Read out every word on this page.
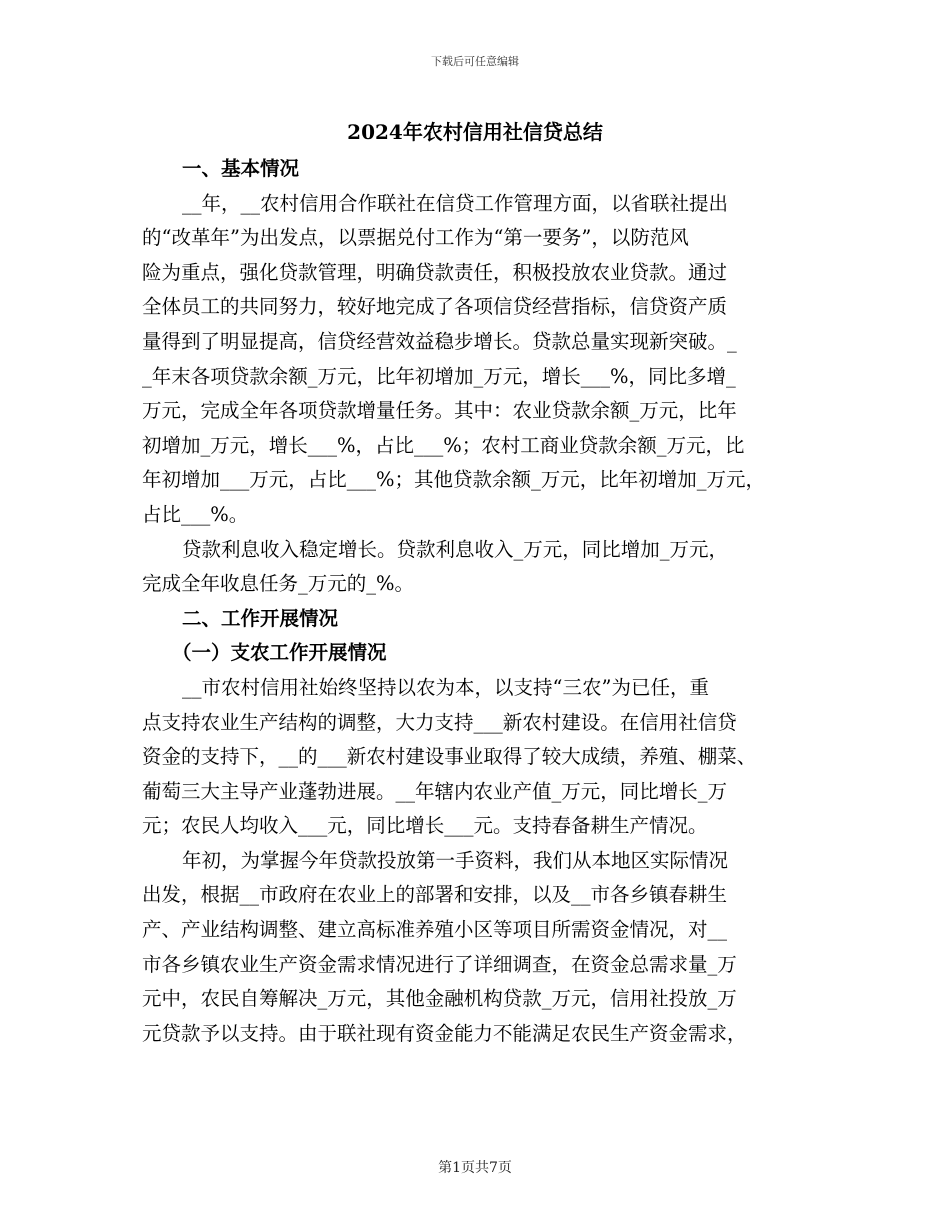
下载后可任意编辑
2024年农村信用社信贷总结
一、基本情况
__年，__农村信用合作联社在信贷工作管理方面，以省联社提出
的“改革年”为出发点，以票据兑付工作为“第一要务”，以防范风
险为重点，强化贷款管理，明确贷款责任，积极投放农业贷款。通过
全体员工的共同努力，较好地完成了各项信贷经营指标，信贷资产质
量得到了明显提高，信贷经营效益稳步增长。贷款总量实现新突破。_
_年末各项贷款余额_万元，比年初增加_万元，增长___%，同比多增_
万元，完成全年各项贷款增量任务。其中：农业贷款余额_万元，比年
初增加_万元，增长___%，占比___%；农村工商业贷款余额_万元，比
年初增加___万元，占比___%；其他贷款余额_万元，比年初增加_万元，
占比___%。
贷款利息收入稳定增长。贷款利息收入_万元，同比增加_万元，
完成全年收息任务_万元的_%。
二、工作开展情况
（一）支农工作开展情况
__市农村信用社始终坚持以农为本，以支持“三农”为已任，重
点支持农业生产结构的调整，大力支持___新农村建设。在信用社信贷
资金的支持下，__的___新农村建设事业取得了较大成绩，养殖、棚菜、
葡萄三大主导产业蓬勃进展。__年辖内农业产值_万元，同比增长_万
元；农民人均收入___元，同比增长___元。支持春备耕生产情况。
年初，为掌握今年贷款投放第一手资料，我们从本地区实际情况
出发，根据__市政府在农业上的部署和安排，以及__市各乡镇春耕生
产、产业结构调整、建立高标准养殖小区等项目所需资金情况，对__
市各乡镇农业生产资金需求情况进行了详细调查，在资金总需求量_万
元中，农民自筹解决_万元，其他金融机构贷款_万元，信用社投放_万
元贷款予以支持。由于联社现有资金能力不能满足农民生产资金需求，
第1页共7页
